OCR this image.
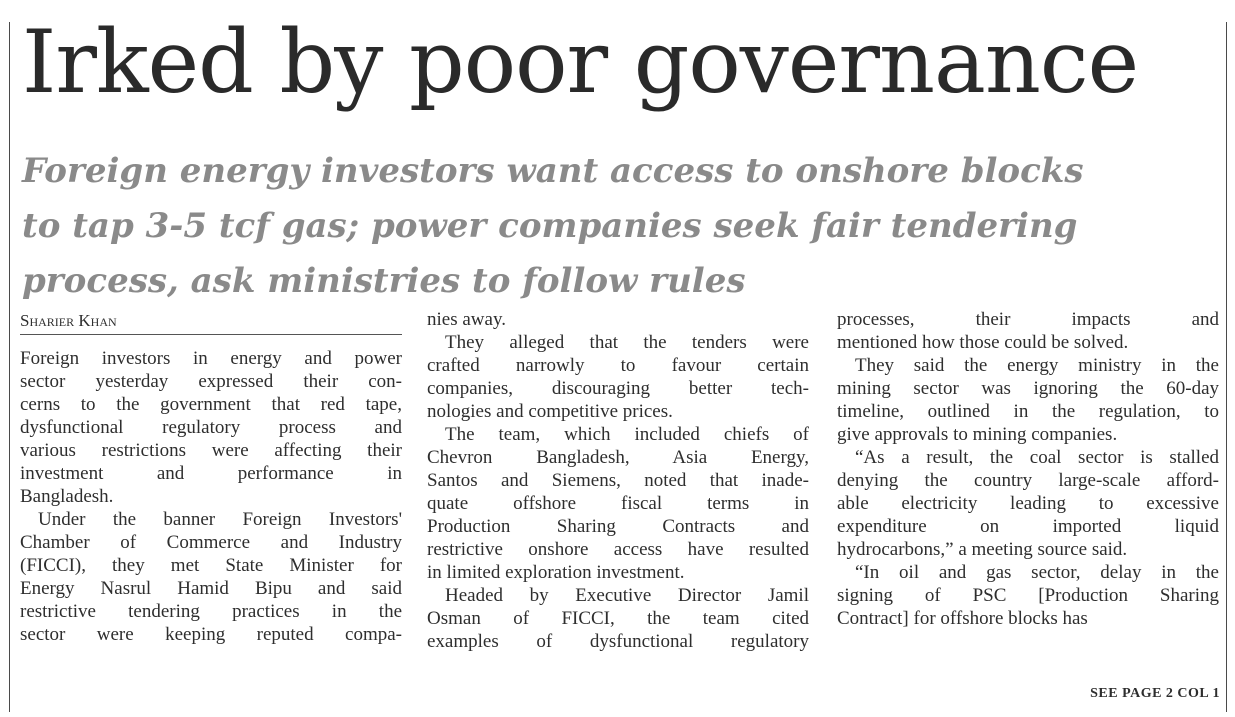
Irked by poor governance
Foreign energy investors want access to onshore blocks
to tap 3-5 tcf gas; power companies seek fair tendering
process, ask ministries to follow rules
Sharier Khan
Foreign investors in energy and power
sector yesterday expressed their con-
cerns to the government that red tape,
dysfunctional regulatory process and
various restrictions were affecting their
investment and performance in
Bangladesh.
Under the banner Foreign Investors'
Chamber of Commerce and Industry
(FICCI), they met State Minister for
Energy Nasrul Hamid Bipu and said
restrictive tendering practices in the
sector were keeping reputed compa-
nies away.
They alleged that the tenders were
crafted narrowly to favour certain
companies, discouraging better tech-
nologies and competitive prices.
The team, which included chiefs of
Chevron Bangladesh, Asia Energy,
Santos and Siemens, noted that inade-
quate offshore fiscal terms in
Production Sharing Contracts and
restrictive onshore access have resulted
in limited exploration investment.
Headed by Executive Director Jamil
Osman of FICCI, the team cited
examples of dysfunctional regulatory
processes, their impacts and
mentioned how those could be solved.
They said the energy ministry in the
mining sector was ignoring the 60-day
timeline, outlined in the regulation, to
give approvals to mining companies.
“As a result, the coal sector is stalled
denying the country large-scale afford-
able electricity leading to excessive
expenditure on imported liquid
hydrocarbons,” a meeting source said.
“In oil and gas sector, delay in the
signing of PSC [Production Sharing
Contract] for offshore blocks has
SEE PAGE 2 COL 1
